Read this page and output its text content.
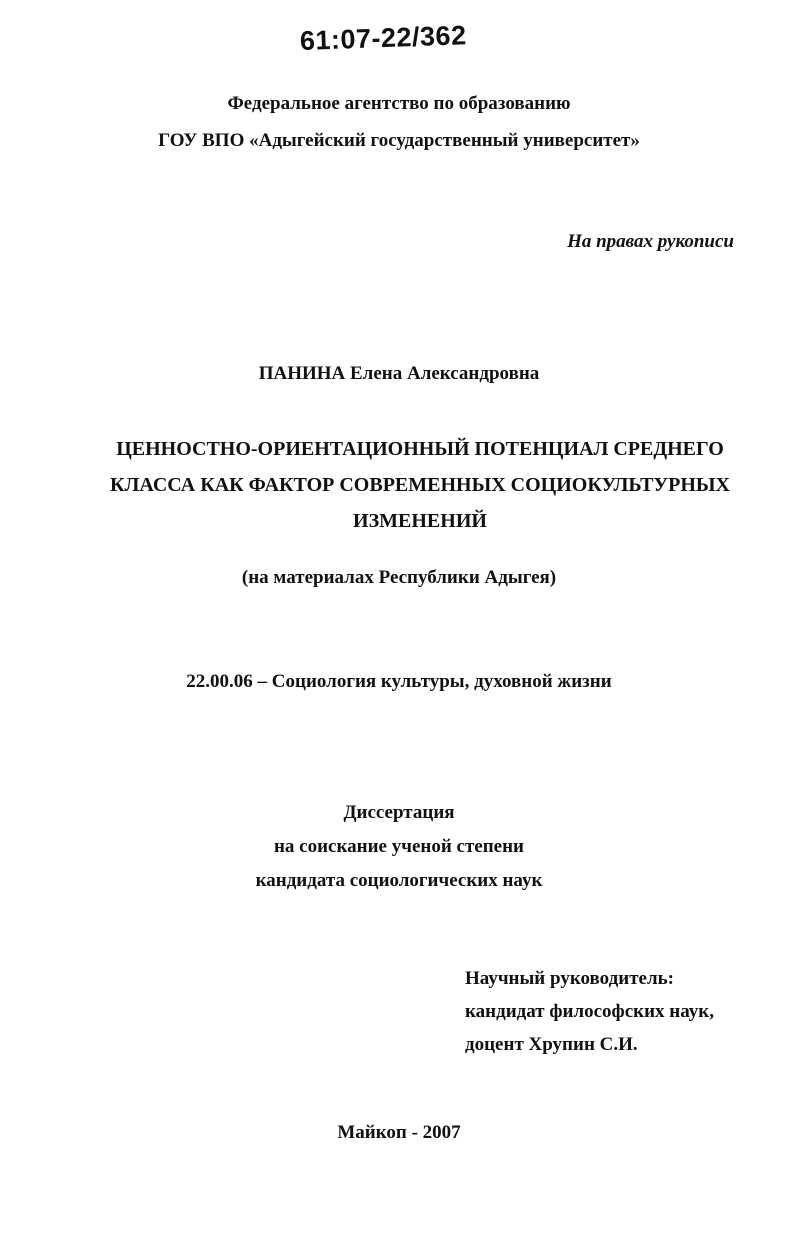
61:07-22/362
Федеральное агентство по образованию
ГОУ ВПО «Адыгейский государственный университет»
На правах рукописи
ПАНИНА Елена Александровна
ЦЕННОСТНО-ОРИЕНТАЦИОННЫЙ ПОТЕНЦИАЛ СРЕДНЕГО
КЛАССА КАК ФАКТОР СОВРЕМЕННЫХ СОЦИОКУЛЬТУРНЫХ
ИЗМЕНЕНИЙ
(на материалах Республики Адыгея)
22.00.06 – Социология культуры, духовной жизни
Диссертация
на соискание ученой степени
кандидата социологических наук
Научный руководитель:
кандидат философских наук,
доцент Хрупин С.И.
Майкоп - 2007
